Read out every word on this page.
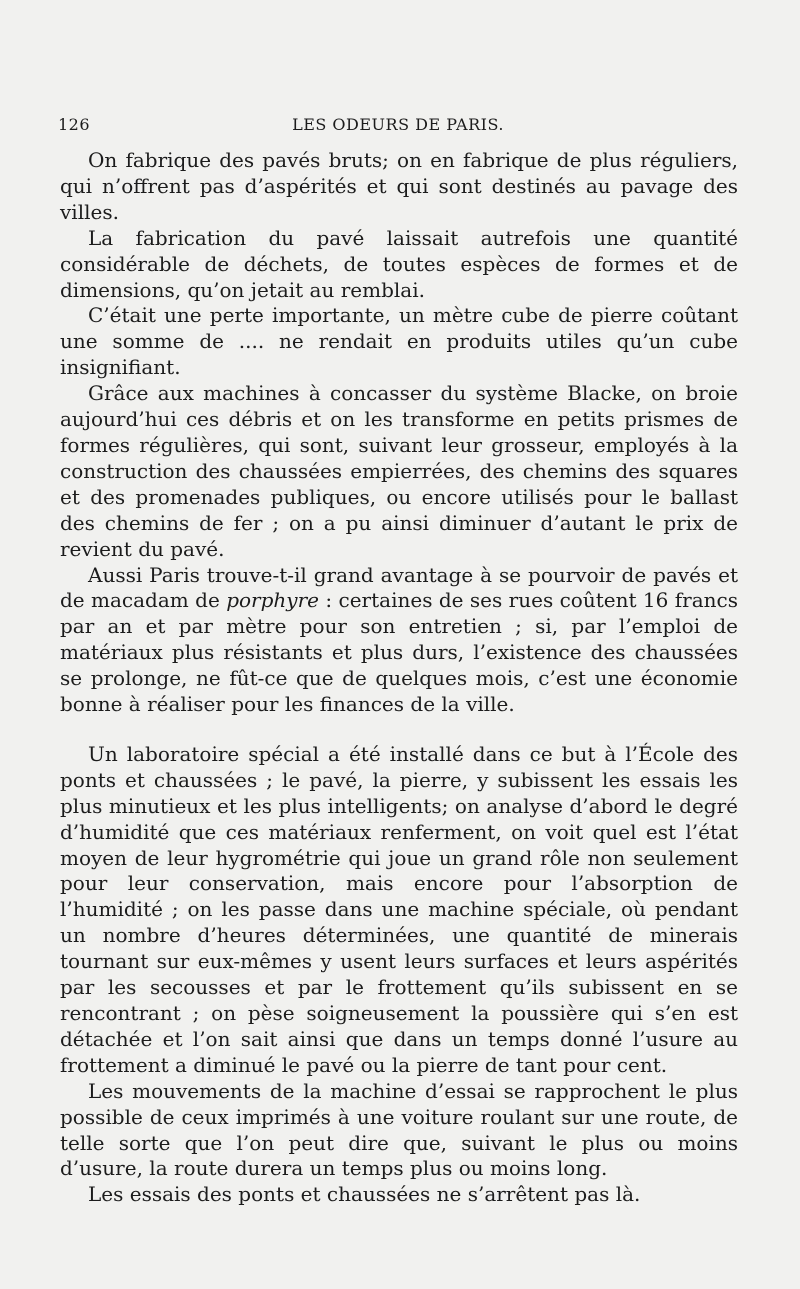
126	LES ODEURS DE PARIS.

On fabrique des pavés bruts; on en fabrique de plus réguliers, qui n’offrent pas d’aspérités et qui sont destinés au pavage des villes.

La fabrication du pavé laissait autrefois une quantité considérable de déchets, de toutes espèces de formes et de dimensions, qu’on jetait au remblai.

C’était une perte importante, un mètre cube de pierre coûtant une somme de .... ne rendait en produits utiles qu’un cube insignifiant.

Grâce aux machines à concasser du système Blacke, on broie aujourd’hui ces débris et on les transforme en petits prismes de formes régulières, qui sont, suivant leur grosseur, employés à la construction des chaussées empierrées, des chemins des squares et des promenades publiques, ou encore utilisés pour le ballast des chemins de fer ; on a pu ainsi diminuer d’autant le prix de revient du pavé.

Aussi Paris trouve-t-il grand avantage à se pourvoir de pavés et de macadam de porphyre : certaines de ses rues coûtent 16 francs par an et par mètre pour son entretien ; si, par l’emploi de matériaux plus résistants et plus durs, l’existence des chaussées se prolonge, ne fût-ce que de quelques mois, c’est une économie bonne à réaliser pour les finances de la ville.

Un laboratoire spécial a été installé dans ce but à l’École des ponts et chaussées ; le pavé, la pierre, y subissent les essais les plus minutieux et les plus intelligents; on analyse d’abord le degré d’humidité que ces matériaux renferment, on voit quel est l’état moyen de leur hygrométrie qui joue un grand rôle non seulement pour leur conservation, mais encore pour l’absorption de l’humidité ; on les passe dans une machine spéciale, où pendant un nombre d’heures déterminées, une quantité de minerais tournant sur eux-mêmes y usent leurs surfaces et leurs aspérités par les secousses et par le frottement qu’ils subissent en se rencontrant ; on pèse soigneusement la poussière qui s’en est détachée et l’on sait ainsi que dans un temps donné l’usure au frottement a diminué le pavé ou la pierre de tant pour cent.

Les mouvements de la machine d’essai se rapprochent le plus possible de ceux imprimés à une voiture roulant sur une route, de telle sorte que l’on peut dire que, suivant le plus ou moins d’usure, la route durera un temps plus ou moins long.

Les essais des ponts et chaussées ne s’arrêtent pas là.
